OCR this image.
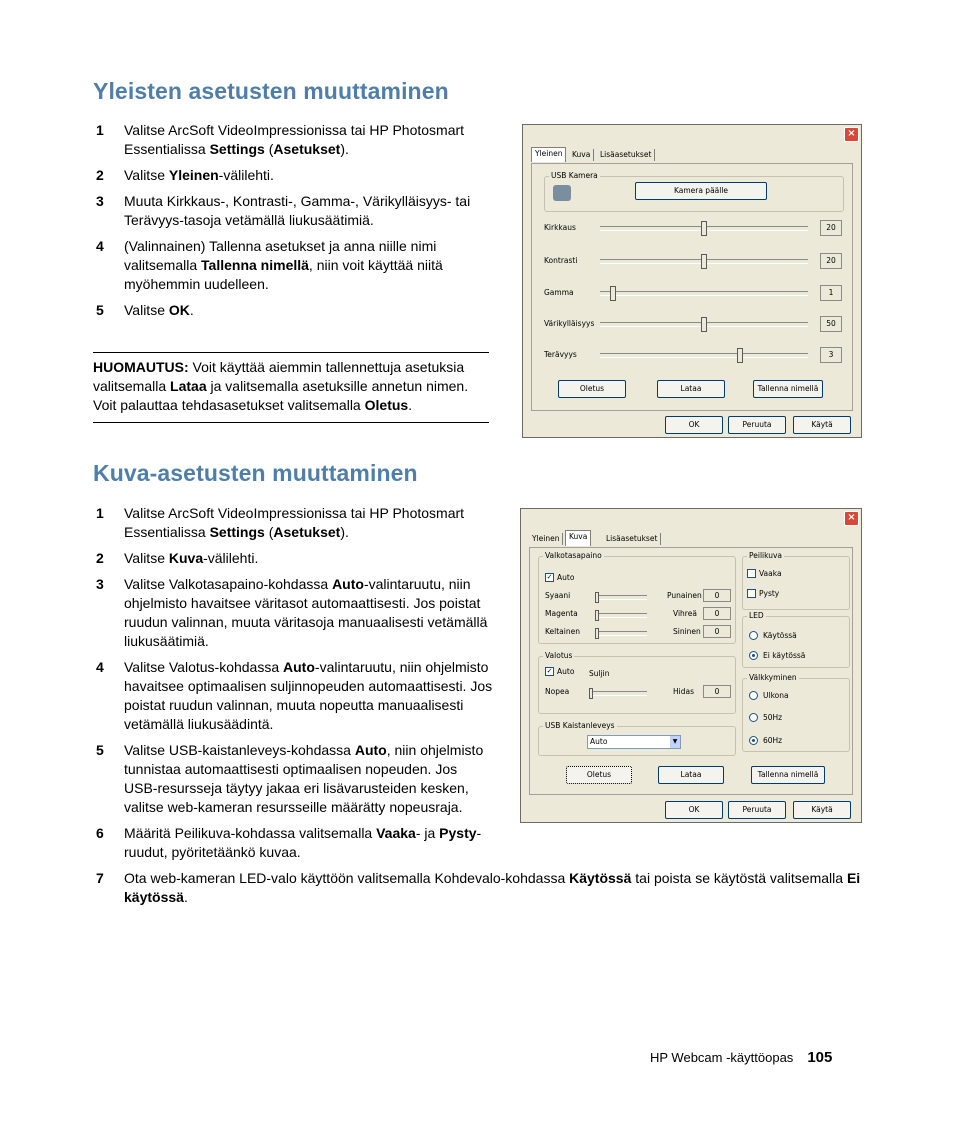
Yleisten asetusten muuttaminen
1 Valitse ArcSoft VideoImpressionissa tai HP Photosmart Essentialissa Settings (Asetukset).
2 Valitse Yleinen-välilehti.
3 Muuta Kirkkaus-, Kontrasti-, Gamma-, Värikylläisyys- tai Terävyys-tasoja vetämällä liukusäätimiä.
4 (Valinnainen) Tallenna asetukset ja anna niille nimi valitsemalla Tallenna nimellä, niin voit käyttää niitä myöhemmin uudelleen.
5 Valitse OK.
HUOMAUTUS: Voit käyttää aiemmin tallennettuja asetuksia valitsemalla Lataa ja valitsemalla asetuksille annetun nimen. Voit palauttaa tehdasasetukset valitsemalla Oletus.
×
Yleinen	Kuva	Lisäasetukset
USB Kamera
Kamera päälle
Kirkkaus	20
Kontrasti	20
Gamma	1
Värikylläisyys	50
Terävyys	3
Oletus	Lataa	Tallenna nimellä
OK	Peruuta	Käytä
Kuva-asetusten muuttaminen
1 Valitse ArcSoft VideoImpressionissa tai HP Photosmart Essentialissa Settings (Asetukset).
2 Valitse Kuva-välilehti.
3 Valitse Valkotasapaino-kohdassa Auto-valintaruutu, niin ohjelmisto havaitsee väritasot automaattisesti. Jos poistat ruudun valinnan, muuta väritasoja manuaalisesti vetämällä liukusäätimiä.
4 Valitse Valotus-kohdassa Auto-valintaruutu, niin ohjelmisto havaitsee optimaalisen suljinnopeuden automaattisesti. Jos poistat ruudun valinnan, muuta nopeutta manuaalisesti vetämällä liukusäädintä.
5 Valitse USB-kaistanleveys-kohdassa Auto, niin ohjelmisto tunnistaa automaattisesti optimaalisen nopeuden. Jos USB-resursseja täytyy jakaa eri lisävarusteiden kesken, valitse web-kameran resursseille määrätty nopeusraja.
6 Määritä Peilikuva-kohdassa valitsemalla Vaaka- ja Pysty-ruudut, pyöritetäänkö kuvaa.
7 Ota web-kameran LED-valo käyttöön valitsemalla Kohdevalo-kohdassa Käytössä tai poista se käytöstä valitsemalla Ei käytössä.
×
Yleinen	Kuva	Lisäasetukset
Valkotasapaino
✓ Auto
Syaani	Punainen	0
Magenta	Vihreä	0
Keltainen	Sininen	0
Valotus
✓ Auto Suljin
Nopea	Hidas	0
USB Kaistanleveys
Auto	▼
Peilikuva
Vaaka
Pysty
LED
Käytössä
Ei käytössä
Välkkyminen
Ulkona
50Hz
60Hz
Oletus	Lataa	Tallenna nimellä
OK	Peruuta	Käytä
HP Webcam -käyttöopas 105
